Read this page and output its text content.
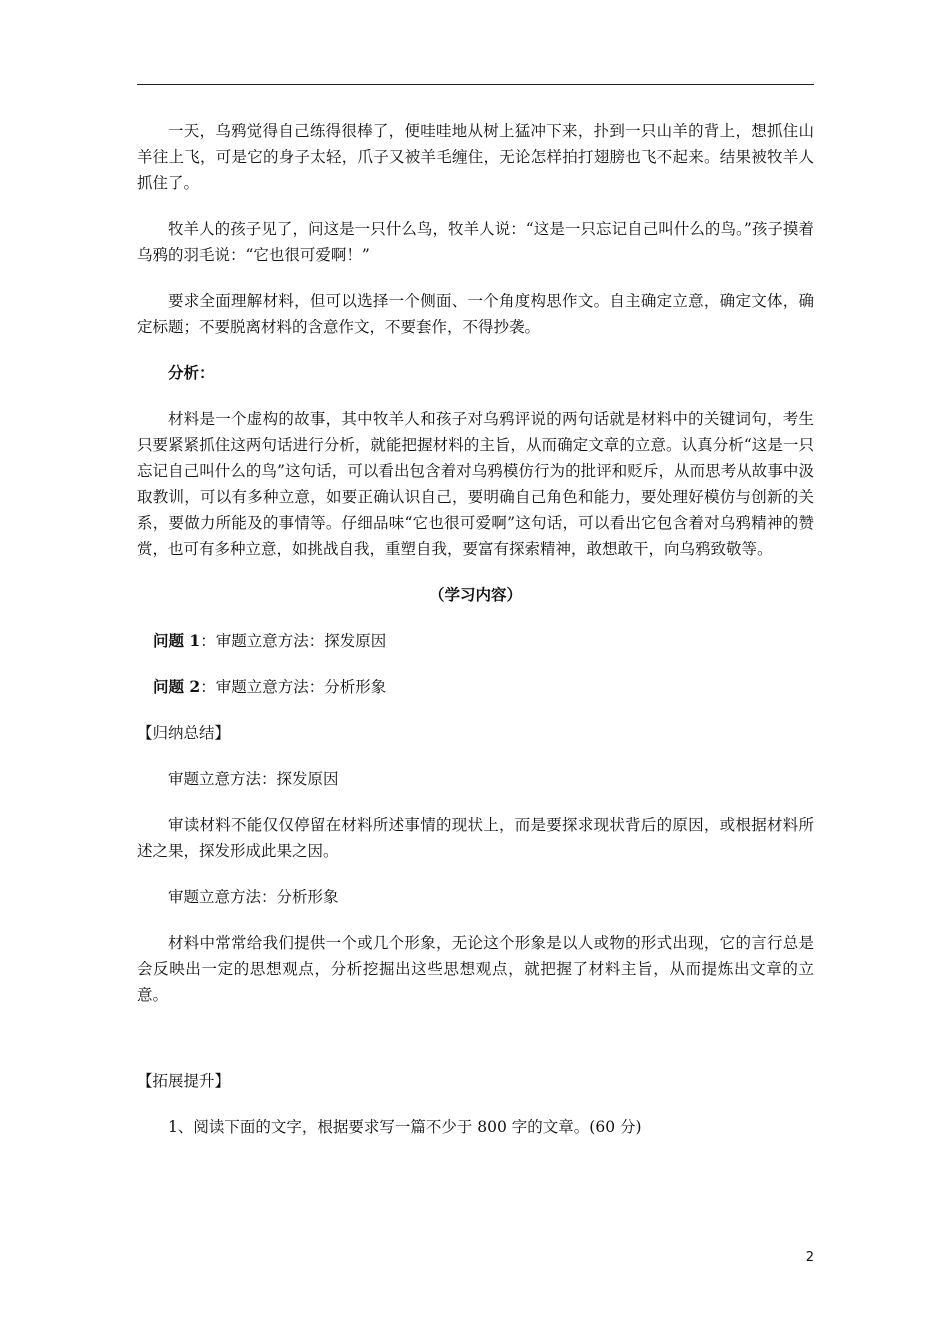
一天，乌鸦觉得自己练得很棒了，便哇哇地从树上猛冲下来，扑到一只山羊的背上，想抓住山羊往上飞，可是它的身子太轻，爪子又被羊毛缠住，无论怎样拍打翅膀也飞不起来。结果被牧羊人抓住了。

牧羊人的孩子见了，问这是一只什么鸟，牧羊人说：“这是一只忘记自己叫什么的鸟。”孩子摸着乌鸦的羽毛说：“它也很可爱啊！”

要求全面理解材料，但可以选择一个侧面、一个角度构思作文。自主确定立意，确定文体，确定标题；不要脱离材料的含意作文，不要套作，不得抄袭。

分析：

材料是一个虚构的故事，其中牧羊人和孩子对乌鸦评说的两句话就是材料中的关键词句，考生只要紧紧抓住这两句话进行分析，就能把握材料的主旨，从而确定文章的立意。认真分析“这是一只忘记自己叫什么的鸟”这句话，可以看出包含着对乌鸦模仿行为的批评和贬斥，从而思考从故事中汲取教训，可以有多种立意，如要正确认识自己，要明确自己角色和能力，要处理好模仿与创新的关系，要做力所能及的事情等。仔细品味“它也很可爱啊”这句话，可以看出它包含着对乌鸦精神的赞赏，也可有多种立意，如挑战自我，重塑自我，要富有探索精神，敢想敢干，向乌鸦致敬等。

（学习内容）

问题 1：审题立意方法：探发原因

问题 2：审题立意方法：分析形象

【归纳总结】

审题立意方法：探发原因

审读材料不能仅仅停留在材料所述事情的现状上，而是要探求现状背后的原因，或根据材料所述之果，探发形成此果之因。

审题立意方法：分析形象

材料中常常给我们提供一个或几个形象，无论这个形象是以人或物的形式出现，它的言行总是会反映出一定的思想观点，分析挖掘出这些思想观点，就把握了材料主旨，从而提炼出文章的立意。

【拓展提升】

1、阅读下面的文字，根据要求写一篇不少于 800 字的文章。(60 分)

2
